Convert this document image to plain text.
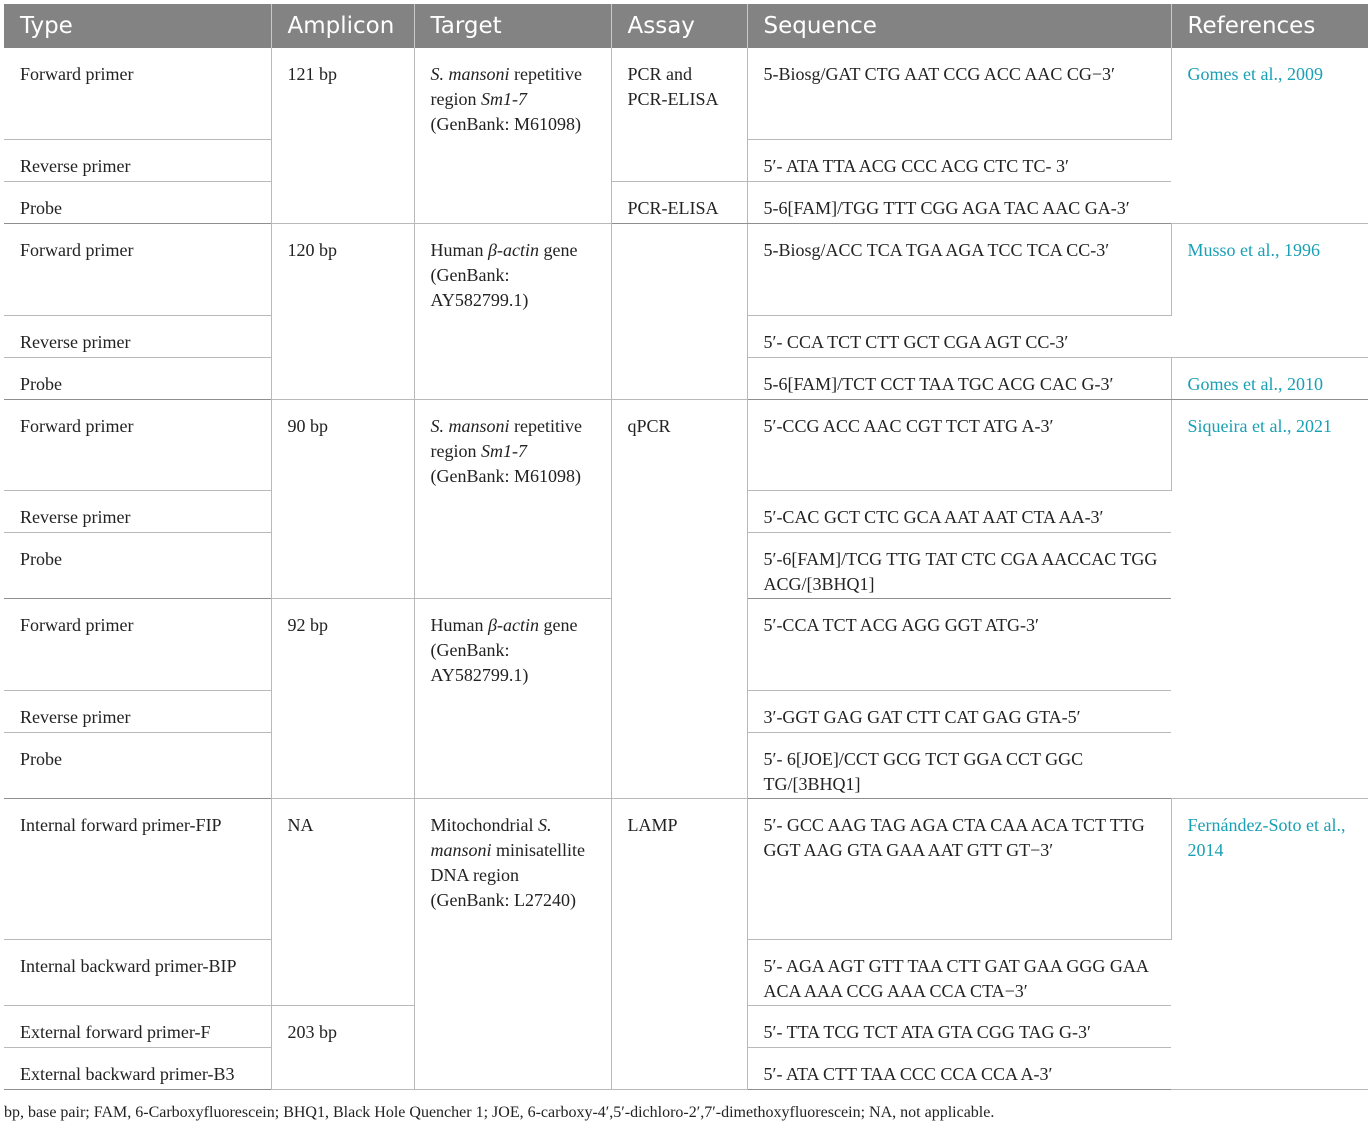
Type	Amplicon	Target	Assay	Sequence	References
Forward primer	121 bp	S. mansoni repetitive region Sm1-7 (GenBank: M61098)	PCR and PCR-ELISA	5-Biosg/GAT CTG AAT CCG ACC AAC CG−3′	Gomes et al., 2009
Reverse primer				5′- ATA TTA ACG CCC ACG CTC TC- 3′	
Probe			PCR-ELISA	5-6[FAM]/TGG TTT CGG AGA TAC AAC GA-3′	
Forward primer	120 bp	Human β-actin gene (GenBank: AY582799.1)		5-Biosg/ACC TCA TGA AGA TCC TCA CC-3′	Musso et al., 1996
Reverse primer				5′- CCA TCT CTT GCT CGA AGT CC-3′	
Probe				5-6[FAM]/TCT CCT TAA TGC ACG CAC G-3′	Gomes et al., 2010
Forward primer	90 bp	S. mansoni repetitive region Sm1-7 (GenBank: M61098)	qPCR	5′-CCG ACC AAC CGT TCT ATG A-3′	Siqueira et al., 2021
Reverse primer				5′-CAC GCT CTC GCA AAT AAT CTA AA-3′	
Probe				5′-6[FAM]/TCG TTG TAT CTC CGA AACCAC TGG ACG/[3BHQ1]	
Forward primer	92 bp	Human β-actin gene (GenBank: AY582799.1)		5′-CCA TCT ACG AGG GGT ATG-3′	
Reverse primer				3′-GGT GAG GAT CTT CAT GAG GTA-5′	
Probe				5′- 6[JOE]/CCT GCG TCT GGA CCT GGC TG/[3BHQ1]	
Internal forward primer-FIP	NA	Mitochondrial S. mansoni minisatellite DNA region (GenBank: L27240)	LAMP	5′- GCC AAG TAG AGA CTA CAA ACA TCT TTG GGT AAG GTA GAA AAT GTT GT−3′	Fernández-Soto et al., 2014
Internal backward primer-BIP				5′- AGA AGT GTT TAA CTT GAT GAA GGG GAA ACA AAA CCG AAA CCA CTA−3′	
External forward primer-F	203 bp			5′- TTA TCG TCT ATA GTA CGG TAG G-3′	
External backward primer-B3				5′- ATA CTT TAA CCC CCA CCA A-3′	
bp, base pair; FAM, 6-Carboxyfluorescein; BHQ1, Black Hole Quencher 1; JOE, 6-carboxy-4′,5′-dichloro-2′,7′-dimethoxyfluorescein; NA, not applicable.
